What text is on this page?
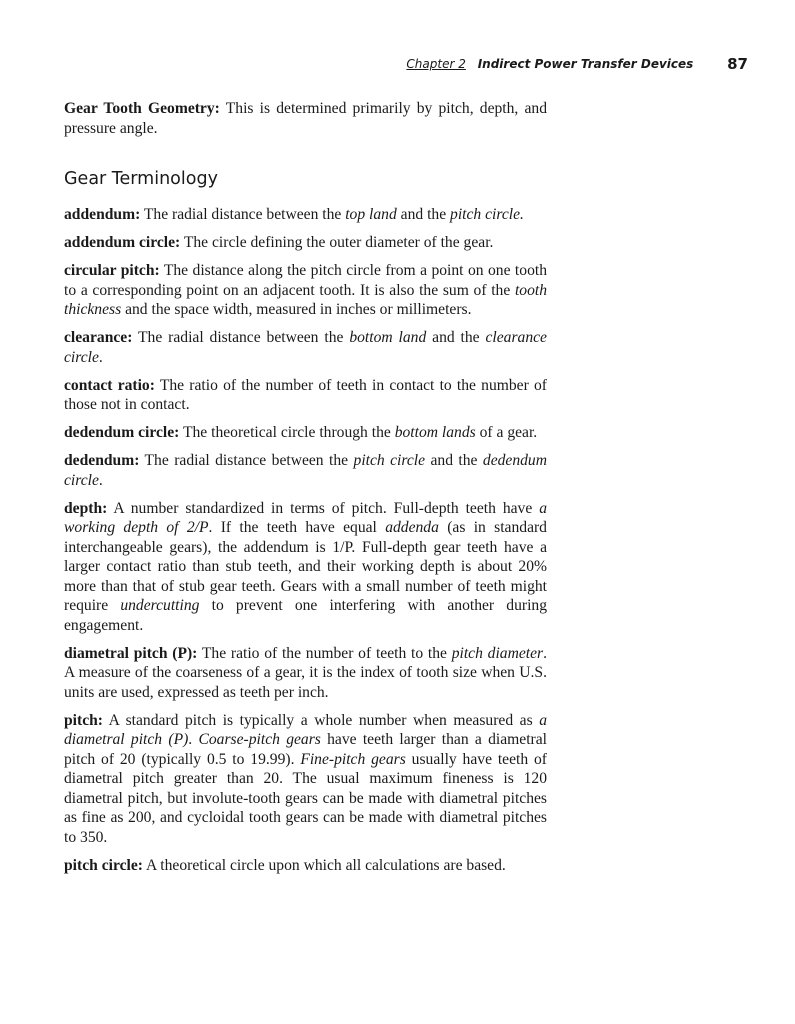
Chapter 2 Indirect Power Transfer Devices 87

Gear Tooth Geometry: This is determined primarily by pitch, depth, and pressure angle.

Gear Terminology

addendum: The radial distance between the top land and the pitch circle.

addendum circle: The circle defining the outer diameter of the gear.

circular pitch: The distance along the pitch circle from a point on one tooth to a corresponding point on an adjacent tooth. It is also the sum of the tooth thickness and the space width, measured in inches or millimeters.

clearance: The radial distance between the bottom land and the clearance circle.

contact ratio: The ratio of the number of teeth in contact to the number of those not in contact.

dedendum circle: The theoretical circle through the bottom lands of a gear.

dedendum: The radial distance between the pitch circle and the dedendum circle.

depth: A number standardized in terms of pitch. Full-depth teeth have a working depth of 2/P. If the teeth have equal addenda (as in standard interchangeable gears), the addendum is 1/P. Full-depth gear teeth have a larger contact ratio than stub teeth, and their working depth is about 20% more than that of stub gear teeth. Gears with a small number of teeth might require undercutting to prevent one interfering with another during engagement.

diametral pitch (P): The ratio of the number of teeth to the pitch diameter. A measure of the coarseness of a gear, it is the index of tooth size when U.S. units are used, expressed as teeth per inch.

pitch: A standard pitch is typically a whole number when measured as a diametral pitch (P). Coarse-pitch gears have teeth larger than a diametral pitch of 20 (typically 0.5 to 19.99). Fine-pitch gears usually have teeth of diametral pitch greater than 20. The usual maximum fineness is 120 diametral pitch, but involute-tooth gears can be made with diametral pitches as fine as 200, and cycloidal tooth gears can be made with diametral pitches to 350.

pitch circle: A theoretical circle upon which all calculations are based.
